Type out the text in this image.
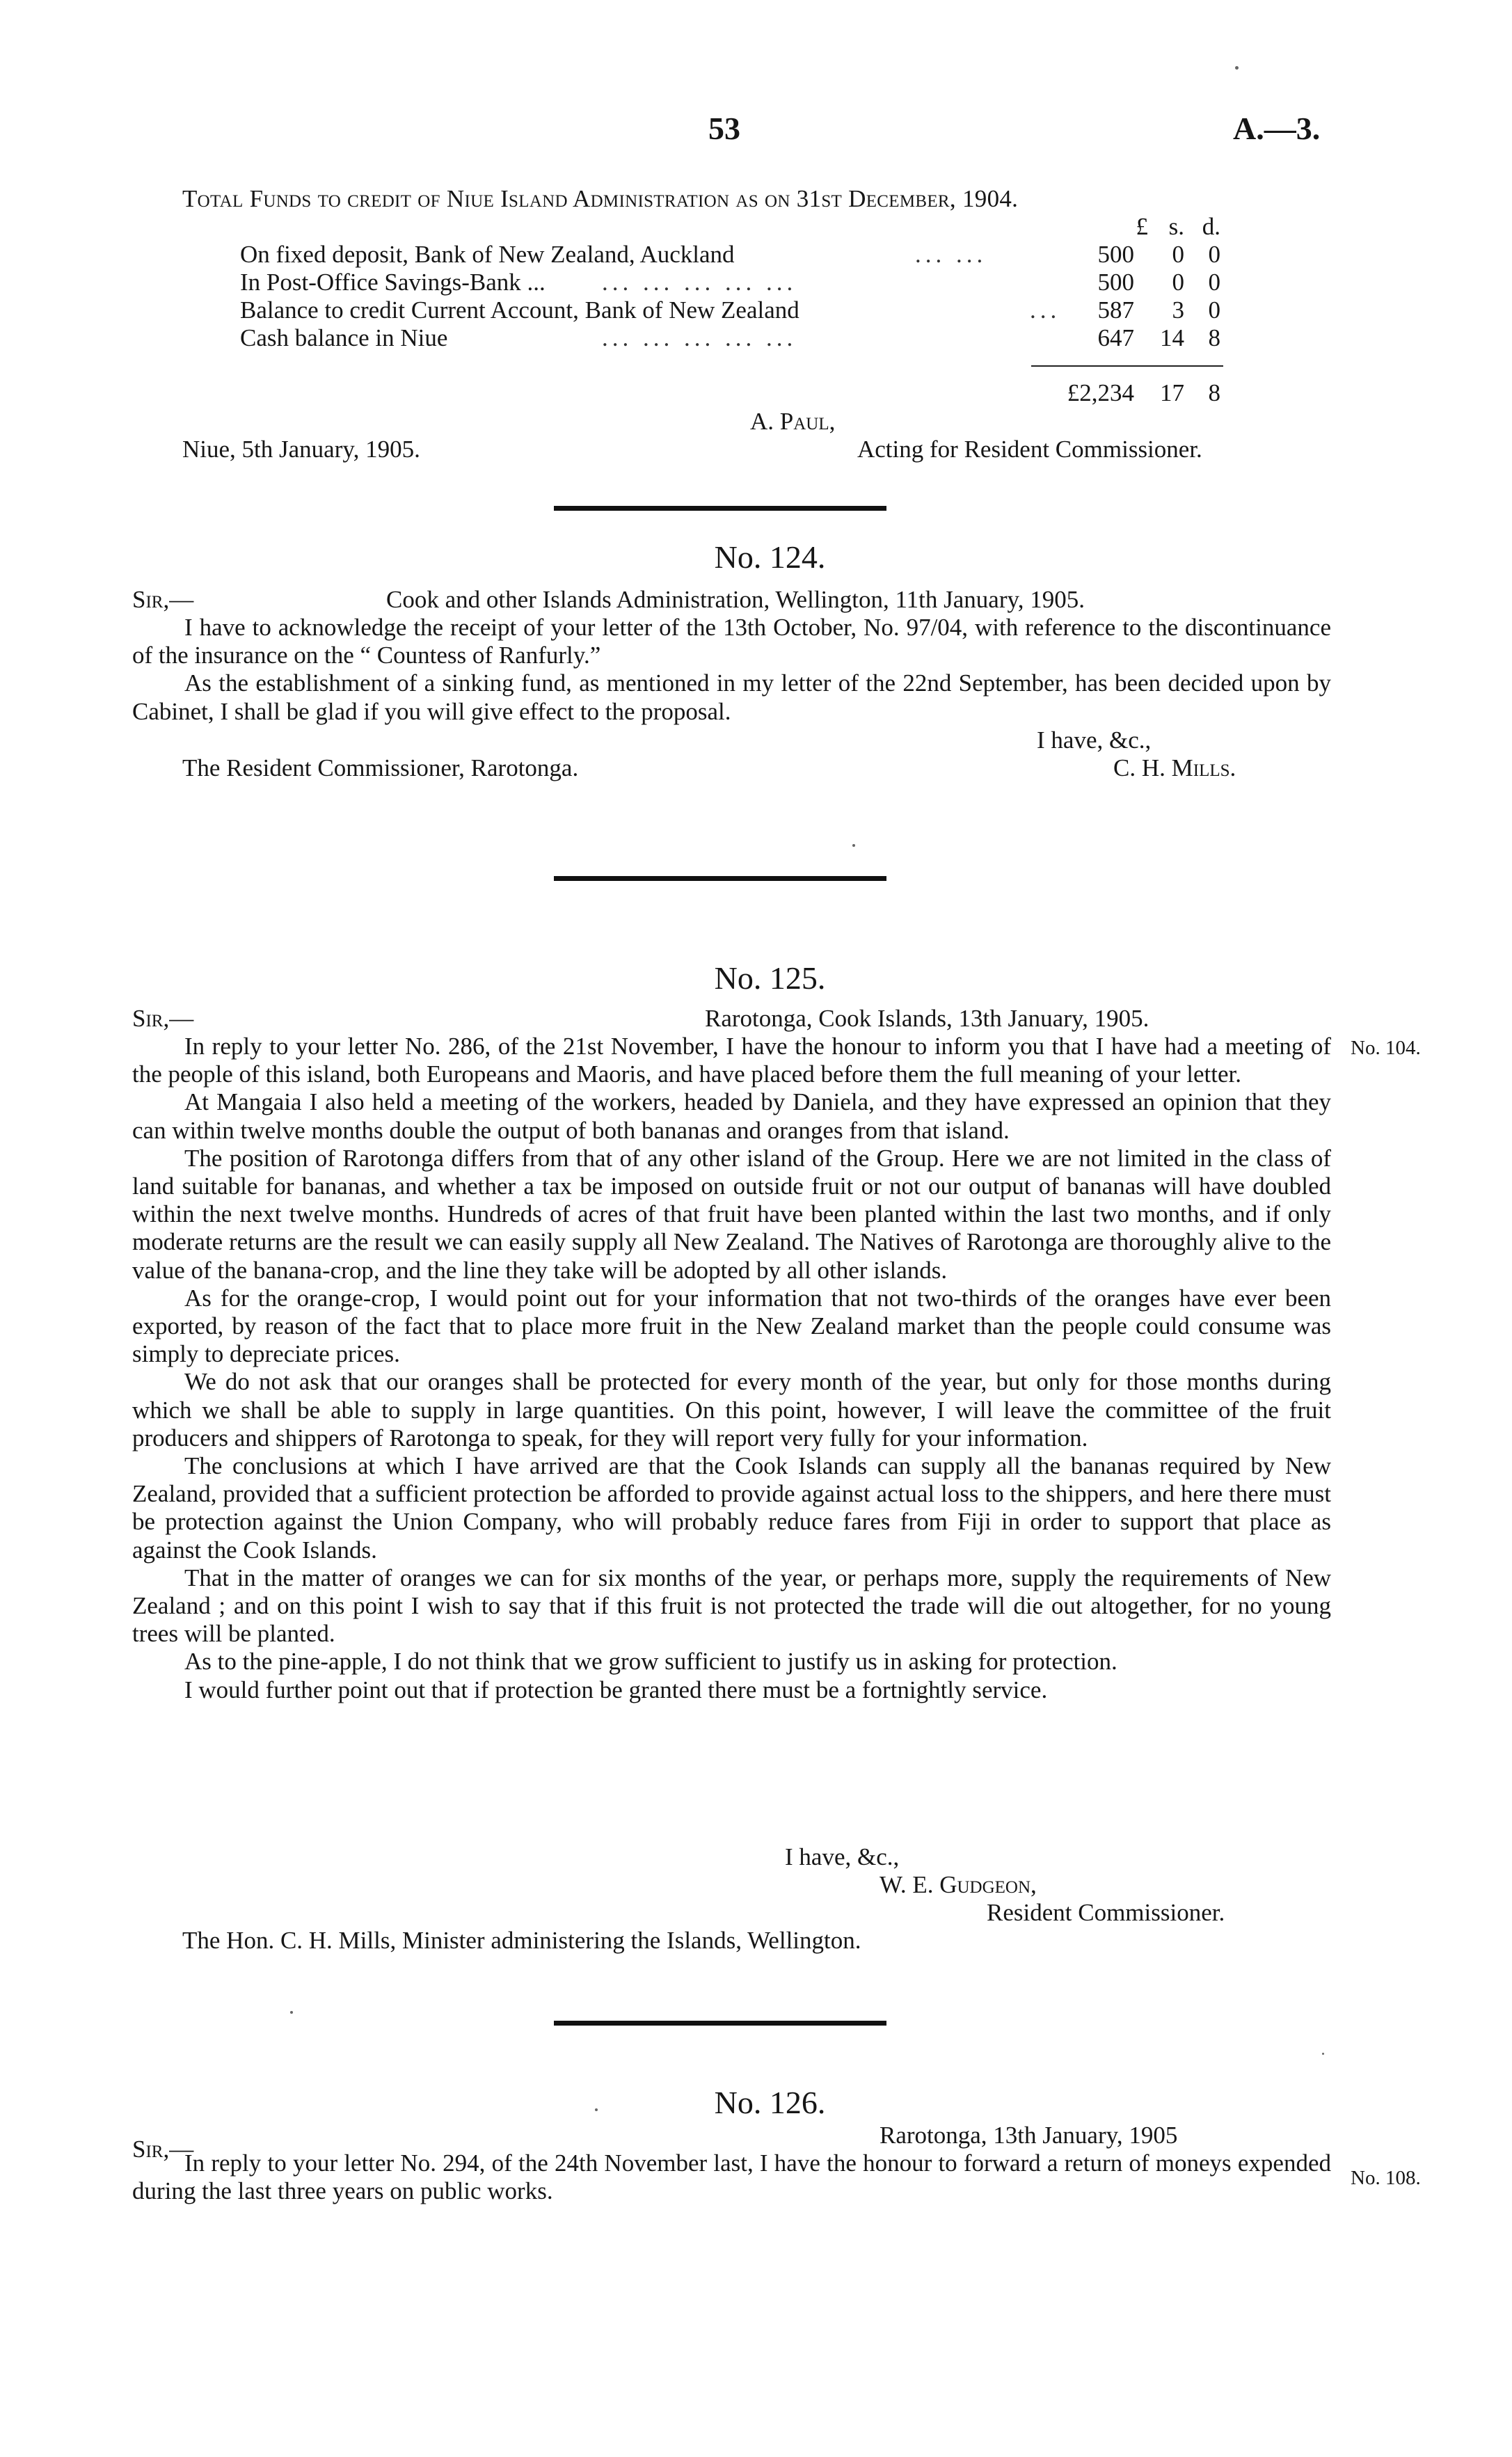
53	A.—3.
Total Funds to credit of Niue Island Administration as on 31st December, 1904.
£ s. d.
On fixed deposit, Bank of New Zealand, Auckland	... ...	500	0 0
In Post-Office Savings-Bank ... ... ... ... ... ...	500	0 0
Balance to credit Current Account, Bank of New Zealand	...	587	3 0
Cash balance in Niue	... ... ... ... ...	647	14 8
£2,234	17 8
A. Paul,
Niue, 5th January, 1905.	Acting for Resident Commissioner.
No. 124.
Sir,—	Cook and other Islands Administration, Wellington, 11th January, 1905.

I have to acknowledge the receipt of your letter of the 13th October, No. 97/04, with reference to the discontinuance of the insurance on the “ Countess of Ranfurly.”

As the establishment of a sinking fund, as mentioned in my letter of the 22nd September, has been decided upon by Cabinet, I shall be glad if you will give effect to the proposal.

I have, &c.,
The Resident Commissioner, Rarotonga.	C. H. Mills.
No. 125.
Sir,—	Rarotonga, Cook Islands, 13th January, 1905.
No. 104.

In reply to your letter No. 286, of the 21st November, I have the honour to inform you that I have had a meeting of the people of this island, both Europeans and Maoris, and have placed before them the full meaning of your letter.

At Mangaia I also held a meeting of the workers, headed by Daniela, and they have expressed an opinion that they can within twelve months double the output of both bananas and oranges from that island.

The position of Rarotonga differs from that of any other island of the Group. Here we are not limited in the class of land suitable for bananas, and whether a tax be imposed on outside fruit or not our output of bananas will have doubled within the next twelve months. Hundreds of acres of that fruit have been planted within the last two months, and if only moderate returns are the result we can easily supply all New Zealand. The Natives of Rarotonga are thoroughly alive to the value of the banana-crop, and the line they take will be adopted by all other islands.

As for the orange-crop, I would point out for your information that not two-thirds of the oranges have ever been exported, by reason of the fact that to place more fruit in the New Zealand market than the people could consume was simply to depreciate prices.

We do not ask that our oranges shall be protected for every month of the year, but only for those months during which we shall be able to supply in large quantities. On this point, however, I will leave the committee of the fruit producers and shippers of Rarotonga to speak, for they will report very fully for your information.

The conclusions at which I have arrived are that the Cook Islands can supply all the bananas required by New Zealand, provided that a sufficient protection be afforded to provide against actual loss to the shippers, and here there must be protection against the Union Company, who will probably reduce fares from Fiji in order to support that place as against the Cook Islands.

That in the matter of oranges we can for six months of the year, or perhaps more, supply the requirements of New Zealand ; and on this point I wish to say that if this fruit is not protected the trade will die out altogether, for no young trees will be planted.

As to the pine-apple, I do not think that we grow sufficient to justify us in asking for protection.

I would further point out that if protection be granted there must be a fortnightly service.

I have, &c.,
W. E. Gudgeon,
Resident Commissioner.
The Hon. C. H. Mills, Minister administering the Islands, Wellington.
No. 126.
Rarotonga, 13th January, 1905
Sir,—
No. 108.

In reply to your letter No. 294, of the 24th November last, I have the honour to forward a return of moneys expended during the last three years on public works.
